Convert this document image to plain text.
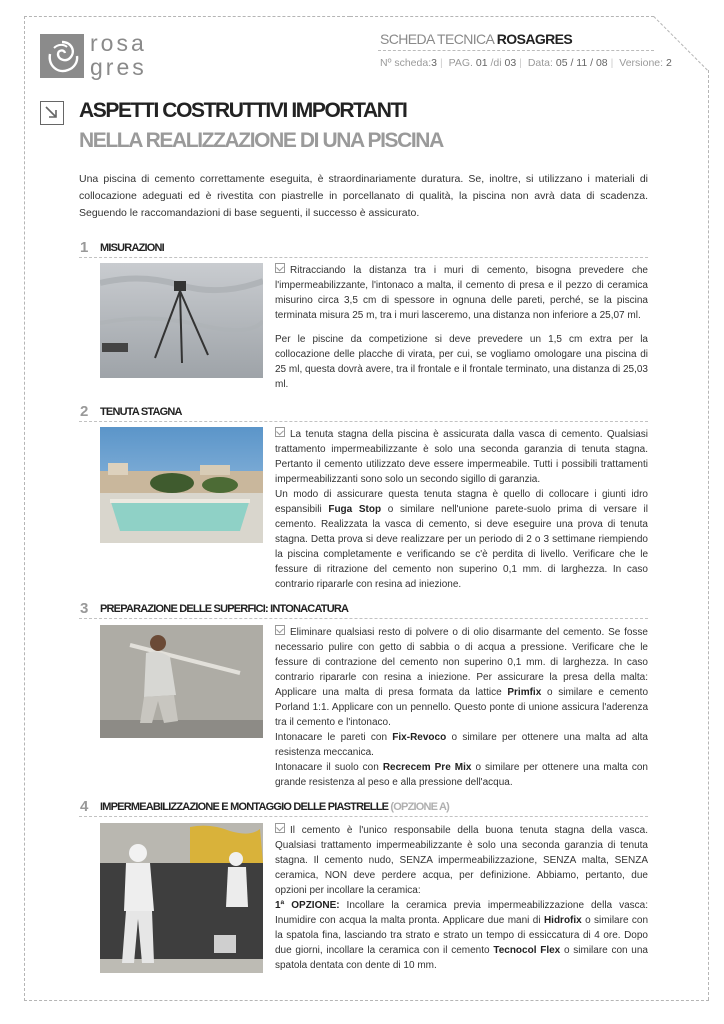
rosa
gres
SCHEDA TECNICA ROSAGRES
Nº scheda:3 | PAG. 01 /di 03 | Data: 05 / 11 / 08 | Versione: 2
ASPETTI COSTRUTTIVI IMPORTANTI
NELLA REALIZZAZIONE DI UNA PISCINA
Una piscina di cemento correttamente eseguita, è straordinariamente duratura. Se, inoltre, si utilizzano i materiali di collocazione adeguati ed è rivestita con piastrelle in porcellanato di qualità, la piscina non avrà data di scadenza. Seguendo le raccomandazioni di base seguenti, il successo è assicurato.
1 MISURAZIONI

Ritracciando la distanza tra i muri di cemento, bisogna prevedere che l'impermeabilizzante, l'intonaco a malta, il cemento di presa e il pezzo di ceramica misurino circa 3,5 cm di spessore in ognuna delle pareti, perché, se la piscina terminata misura 25 m, tra i muri lasceremo, una distanza non inferiore a 25,07 ml.

Per le piscine da competizione si deve prevedere un 1,5 cm extra per la collocazione delle placche di virata, per cui, se vogliamo omologare una piscina di 25 ml, questa dovrà avere, tra il frontale e il frontale terminato, una distanza di 25,03 ml.

2 TENUTA STAGNA

La tenuta stagna della piscina è assicurata dalla vasca di cemento. Qualsiasi trattamento impermeabilizzante è solo una seconda garanzia di tenuta stagna. Pertanto il cemento utilizzato deve essere impermeabile. Tutti i possibili trattamenti impermeabilizzanti sono solo un secondo sigillo di garanzia.

Un modo di assicurare questa tenuta stagna è quello di collocare i giunti idro espansibili Fuga Stop o similare nell'unione parete-suolo prima di versare il cemento. Realizzata la vasca di cemento, si deve eseguire una prova di tenuta stagna. Detta prova si deve realizzare per un periodo di 2 o 3 settimane riempiendo la piscina completamente e verificando se c'è perdita di livello. Verificare che le fessure di ritrazione del cemento non superino 0,1 mm. di larghezza. In caso contrario ripararle con resina ad iniezione.

3 PREPARAZIONE DELLE SUPERFICI: INTONACATURA

Eliminare qualsiasi resto di polvere o di olio disarmante del cemento. Se fosse necessario pulire con getto di sabbia o di acqua a pressione. Verificare che le fessure di contrazione del cemento non superino 0,1 mm. di larghezza. In caso contrario ripararle con resina a iniezione. Per assicurare la presa della malta: Applicare una malta di presa formata da lattice Primfix o similare e cemento Porland 1:1. Applicare con un pennello. Questo ponte di unione assicura l'aderenza tra il cemento e l'intonaco.

Intonacare le pareti con Fix-Revoco o similare per ottenere una malta ad alta resistenza meccanica.

Intonacare il suolo con Recrecem Pre Mix o similare per ottenere una malta con grande resistenza al peso e alla pressione dell'acqua.

4 IMPERMEABILIZZAZIONE E MONTAGGIO DELLE PIASTRELLE (OPZIONE A)

Il cemento è l'unico responsabile della buona tenuta stagna della vasca. Qualsiasi trattamento impermeabilizzante è solo una seconda garanzia di tenuta stagna. Il cemento nudo, SENZA impermeabilizzazione, SENZA malta, SENZA ceramica, NON deve perdere acqua, per definizione. Abbiamo, pertanto, due opzioni per incollare la ceramica:

1ª OPZIONE: Incollare la ceramica previa impermeabilizzazione della vasca: Inumidire con acqua la malta pronta. Applicare due mani di Hidrofix o similare con la spatola fina, lasciando tra strato e strato un tempo di essiccatura di 4 ore. Dopo due giorni, incollare la ceramica con il cemento Tecnocol Flex o similare con una spatola dentata con dente di 10 mm.
